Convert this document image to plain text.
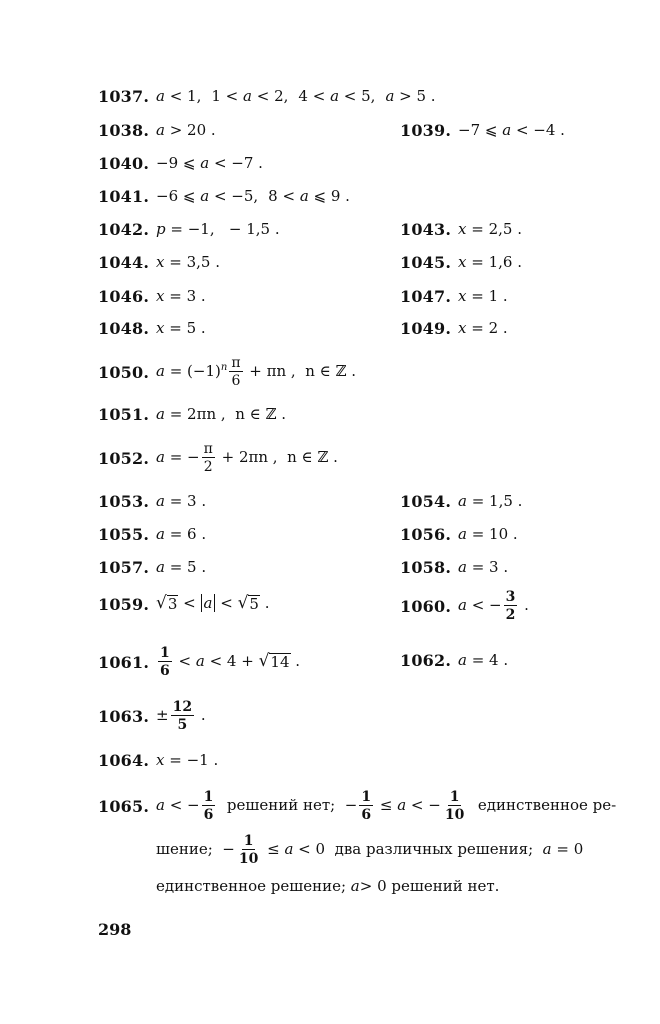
1037. a < 1, 1 < a < 2, 4 < a < 5, a > 5 .
1038. a > 20 .	1039. −7 ⩽ a < −4 .
1040. −9 ⩽ a < −7 .
1041. −6 ⩽ a < −5, 8 < a ⩽ 9 .
1042. p = −1,   − 1,5 .	1043. x = 2,5 .
1044. x = 3,5 .	1045. x = 1,6 .
1046. x = 3 .	1047. x = 1 .
1048. x = 5 .	1049. x = 2 .
1050. $a = (-1)^n \frac{\pi}{6} + \pi n$ ,  n ∈ ℤ .
1051. a = 2πn ,  n ∈ ℤ .
1052. a = − $\frac{\pi}{2} + 2\pi n$ ,  n ∈ ℤ .
1053. a = 3 .	1054. a = 1,5 .
1055. a = 6 .	1056. a = 10 .
1057. a = 5 .	1058. a = 3 .
1059. √ 3 < a < √ 5 .	1060. a < − $\frac{3}{2}$ .
1061. $\frac{1}{6} < a < 4$ + √ 14 .	1062. a = 4 .
1063. ± $\frac{12}{5}$ .
1064. x = −1 .
1065. a < − $\frac{1}{6}$ решений нет;  − $\frac{1}{6} \le a$ < − $\frac{1}{10}$ единственное ре-
шение;  − $\frac{1}{10} \le a < 0$  два различных решения;  a = 0
единственное решение; a> 0 решений нет.
298
